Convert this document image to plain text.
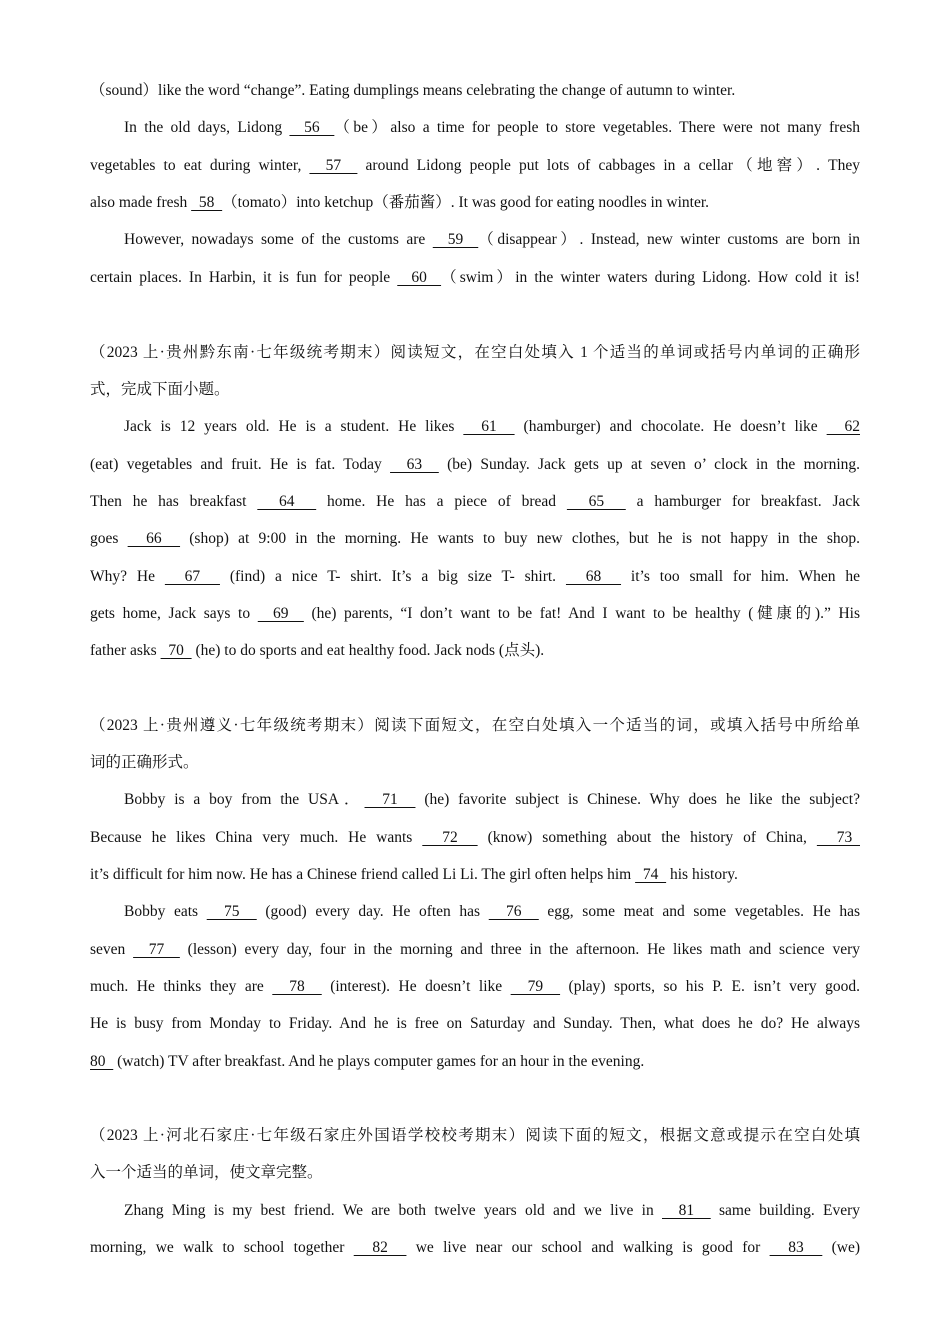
（sound）like the word “change”. Eating dumplings means celebrating the change of autumn to winter.
In the old days, Lidong   56  （be）also a time for people to store vegetables. There were not many fresh
vegetables to eat during winter,   57   around Lidong people put lots of cabbages in a cellar（地窖）. They
also made fresh   58  （tomato）into ketchup（番茄酱）. It was good for eating noodles in winter.
However, nowadays some of the customs are   59  （disappear）. Instead, new winter customs are born in
certain places. In Harbin, it is fun for people   60  （swim）in the winter waters during Lidong. How cold it is!
（2023 上·贵州黔东南·七年级统考期末）阅读短文，在空白处填入 1 个适当的单词或括号内单词的正确形
式，完成下面小题。
Jack is 12 years old. He is a student. He likes   61   (hamburger) and chocolate. He doesn’t like   62
(eat) vegetables and fruit. He is fat. Today   63   (be) Sunday. Jack gets up at seven o’ clock in the morning.
Then he has breakfast   64   home. He has a piece of bread   65   a hamburger for breakfast. Jack
goes   66   (shop) at 9:00 in the morning. He wants to buy new clothes, but he is not happy in the shop.
Why? He   67   (find) a nice T- shirt. It’s a big size T- shirt.   68   it’s too small for him. When he
gets home, Jack says to   69   (he) parents, “I don’t want to be fat! And I want to be healthy (健康的).” His
father asks   70   (he) to do sports and eat healthy food. Jack nods (点头).
（2023 上·贵州遵义·七年级统考期末）阅读下面短文，在空白处填入一个适当的词，或填入括号中所给单
词的正确形式。
Bobby is a boy from the USA．  71   (he) favorite subject is Chinese. Why does he like the subject?
Because he likes China very much. He wants   72   (know) something about the history of China,   73
it’s difficult for him now. He has a Chinese friend called Li Li. The girl often helps him   74   his history.
Bobby eats   75   (good) every day. He often has   76   egg, some meat and some vegetables. He has
seven   77   (lesson) every day, four in the morning and three in the afternoon. He likes math and science very
much. He thinks they are   78   (interest). He doesn’t like   79   (play) sports, so his P. E. isn’t very good.
He is busy from Monday to Friday. And he is free on Saturday and Sunday. Then, what does he do? He always
80   (watch) TV after breakfast. And he plays computer games for an hour in the evening.
（2023 上·河北石家庄·七年级石家庄外国语学校校考期末）阅读下面的短文，根据文意或提示在空白处填
入一个适当的单词，使文章完整。
Zhang Ming is my best friend. We are both twelve years old and we live in   81   same building. Every
morning, we walk to school together   82   we live near our school and walking is good for   83   (we)
